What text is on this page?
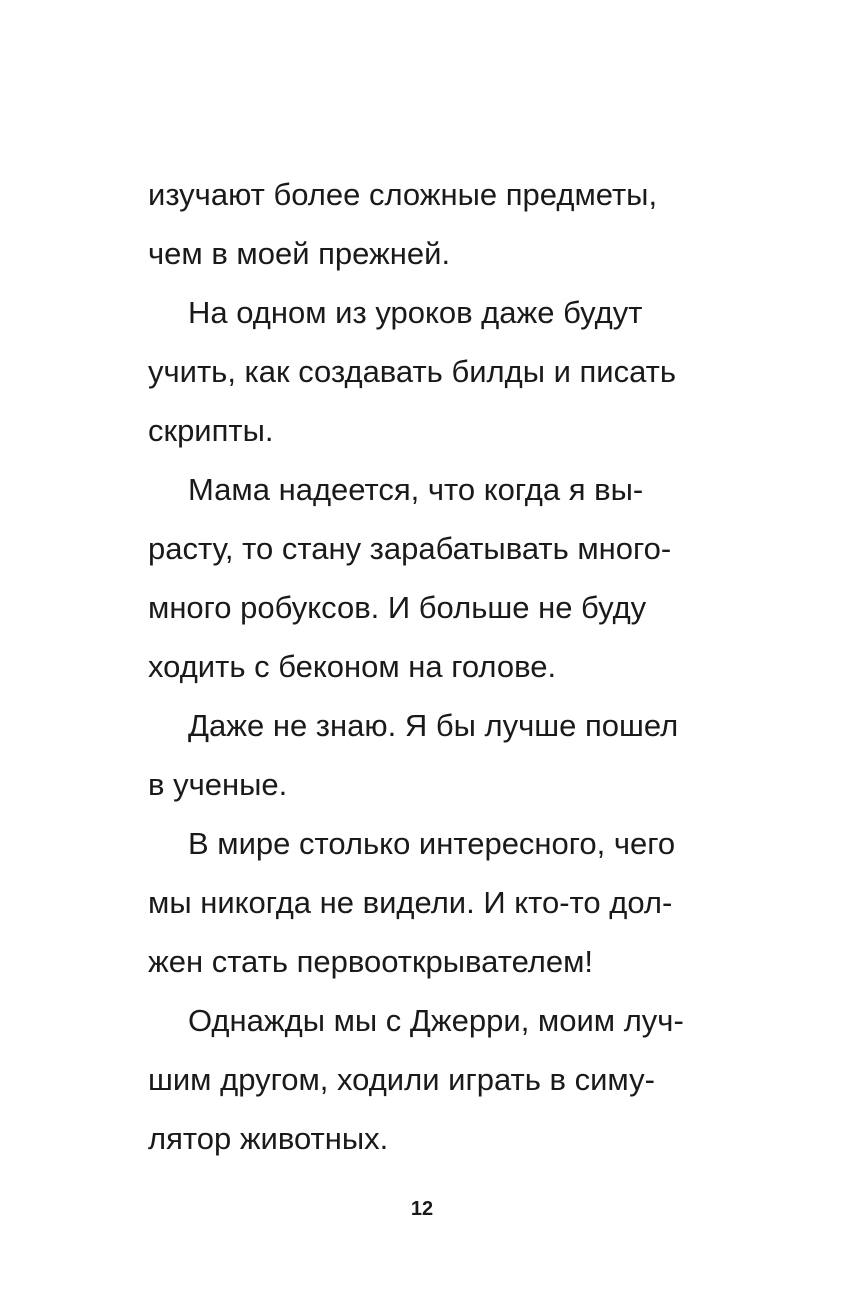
изучают более сложные предметы,
чем в моей прежней.
На одном из уроков даже будут
учить, как создавать билды и писать
скрипты.
Мама надеется, что когда я вы-
расту, то стану зарабатывать много-
много робуксов. И больше не буду
ходить с беконом на голове.
Даже не знаю. Я бы лучше пошел
в ученые.
В мире столько интересного, чего
мы никогда не видели. И кто-то дол-
жен стать первооткрывателем!
Однажды мы с Джерри, моим луч-
шим другом, ходили играть в симу-
лятор животных.
12
